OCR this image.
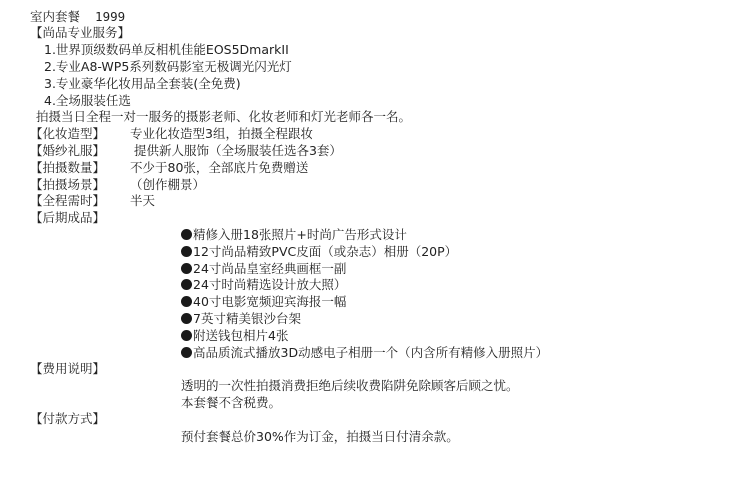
室内套餐  1999
【尚品专业服务】
1.世界顶级数码单反相机佳能EOS5DmarkII
2.专业A8-WP5系列数码影室无极调光闪光灯
3.专业豪华化妆用品全套装(全免费)
4.全场服装任选
拍摄当日全程一对一服务的摄影老师、化妆老师和灯光老师各一名。
【化妆造型】 专业化妆造型3组，拍摄全程跟妆
【婚纱礼服】 提供新人服饰（全场服装任选各3套）
【拍摄数量】 不少于80张，全部底片免费赠送
【拍摄场景】 （创作棚景）
【全程需时】 半天
【后期成品】
精修入册18张照片+时尚广告形式设计
12寸尚品精致PVC皮面（或杂志）相册（20P）
24寸尚品皇室经典画框一副
24寸时尚精选设计放大照）
40寸电影宽频迎宾海报一幅
7英寸精美银沙台架
附送钱包相片4张
高品质流式播放3D动感电子相册一个（内含所有精修入册照片）
【费用说明】
透明的一次性拍摄消费拒绝后续收费陷阱免除顾客后顾之忧。
本套餐不含税费。
【付款方式】
预付套餐总价30%作为订金，拍摄当日付清余款。
